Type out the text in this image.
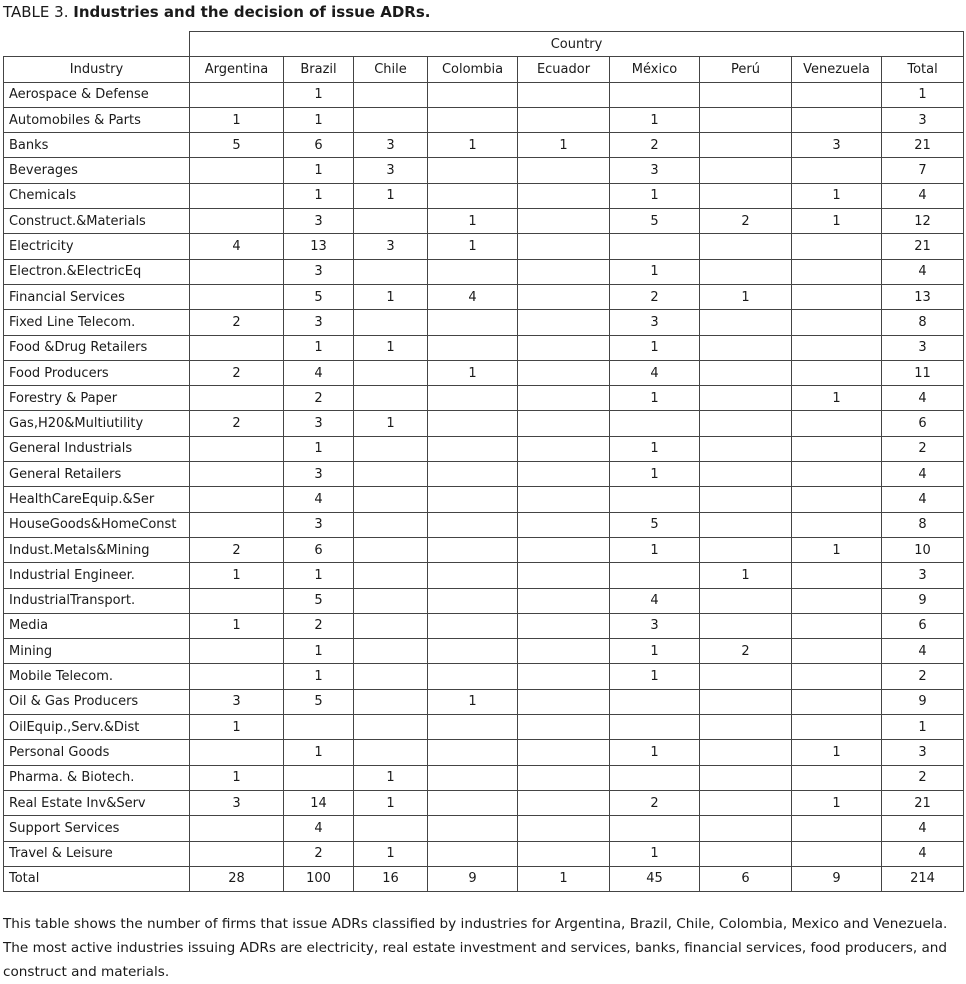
TABLE 3. Industries and the decision of issue ADRs.
	Country								
Industry	Argentina	Brazil	Chile	Colombia	Ecuador	México	Perú	Venezuela	Total
Aerospace & Defense		1							1
Automobiles & Parts	1	1				1			3
Banks	5	6	3	1	1	2		3	21
Beverages		1	3			3			7
Chemicals		1	1			1		1	4
Construct.&Materials		3		1		5	2	1	12
Electricity	4	13	3	1					21
Electron.&ElectricEq		3				1			4
Financial Services		5	1	4		2	1		13
Fixed Line Telecom.	2	3				3			8
Food &Drug Retailers		1	1			1			3
Food Producers	2	4		1		4			11
Forestry & Paper		2				1		1	4
Gas,H20&Multiutility	2	3	1						6
General Industrials		1				1			2
General Retailers		3				1			4
HealthCareEquip.&Ser		4							4
HouseGoods&HomeConst		3				5			8
Indust.Metals&Mining	2	6				1		1	10
Industrial Engineer.	1	1					1		3
IndustrialTransport.		5				4			9
Media	1	2				3			6
Mining		1				1	2		4
Mobile Telecom.		1				1			2
Oil & Gas Producers	3	5		1					9
OilEquip.,Serv.&Dist	1								1
Personal Goods		1				1		1	3
Pharma. & Biotech.	1		1						2
Real Estate Inv&Serv	3	14	1			2		1	21
Support Services		4							4
Travel & Leisure		2	1			1			4
Total	28	100	16	9	1	45	6	9	214
This table shows the number of firms that issue ADRs classified by industries for Argentina, Brazil, Chile, Colombia, Mexico and Venezuela. The most active industries issuing ADRs are electricity, real estate investment and services, banks, financial services, food producers, and construct and materials.
